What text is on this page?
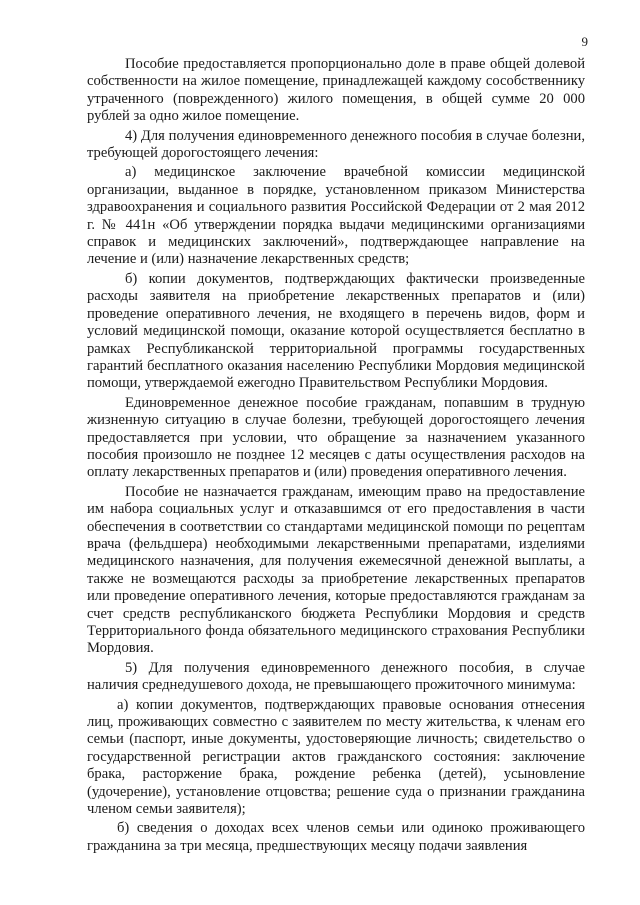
9

Пособие предоставляется пропорционально доле в праве общей долевой собственности на жилое помещение, принадлежащей каждому сособственнику утраченного (поврежденного) жилого помещения, в общей сумме 20 000 рублей за одно жилое помещение.

4) Для получения единовременного денежного пособия в случае болезни, требующей дорогостоящего лечения:

а) медицинское заключение врачебной комиссии медицинской организации, выданное в порядке, установленном приказом Министерства здравоохранения и социального развития Российской Федерации от 2 мая 2012 г. № 441н «Об утверждении порядка выдачи медицинскими организациями справок и медицинских заключений», подтверждающее направление на лечение и (или) назначение лекарственных средств;

б) копии документов, подтверждающих фактически произведенные расходы заявителя на приобретение лекарственных препаратов и (или) проведение оперативного лечения, не входящего в перечень видов, форм и условий медицинской помощи, оказание которой осуществляется бесплатно в рамках Республиканской территориальной программы государственных гарантий бесплатного оказания населению Республики Мордовия медицинской помощи, утверждаемой ежегодно Правительством Республики Мордовия.

Единовременное денежное пособие гражданам, попавшим в трудную жизненную ситуацию в случае болезни, требующей дорогостоящего лечения предоставляется при условии, что обращение за назначением указанного пособия произошло не позднее 12 месяцев с даты осуществления расходов на оплату лекарственных препаратов и (или) проведения оперативного лечения.

Пособие не назначается гражданам, имеющим право на предоставление им набора социальных услуг и отказавшимся от его предоставления в части обеспечения в соответствии со стандартами медицинской помощи по рецептам врача (фельдшера) необходимыми лекарственными препаратами, изделиями медицинского назначения, для получения ежемесячной денежной выплаты, а также не возмещаются расходы за приобретение лекарственных препаратов или проведение оперативного лечения, которые предоставляются гражданам за счет средств республиканского бюджета Республики Мордовия и средств Территориального фонда обязательного медицинского страхования Республики Мордовия.

5) Для получения единовременного денежного пособия, в случае наличия среднедушевого дохода, не превышающего прожиточного минимума:

а) копии документов, подтверждающих правовые основания отнесения лиц, проживающих совместно с заявителем по месту жительства, к членам его семьи (паспорт, иные документы, удостоверяющие личность; свидетельство о государственной регистрации актов гражданского состояния: заключение брака, расторжение брака, рождение ребенка (детей), усыновление (удочерение), установление отцовства; решение суда о признании гражданина членом семьи заявителя);

б) сведения о доходах всех членов семьи или одиноко проживающего гражданина за три месяца, предшествующих месяцу подачи заявления
